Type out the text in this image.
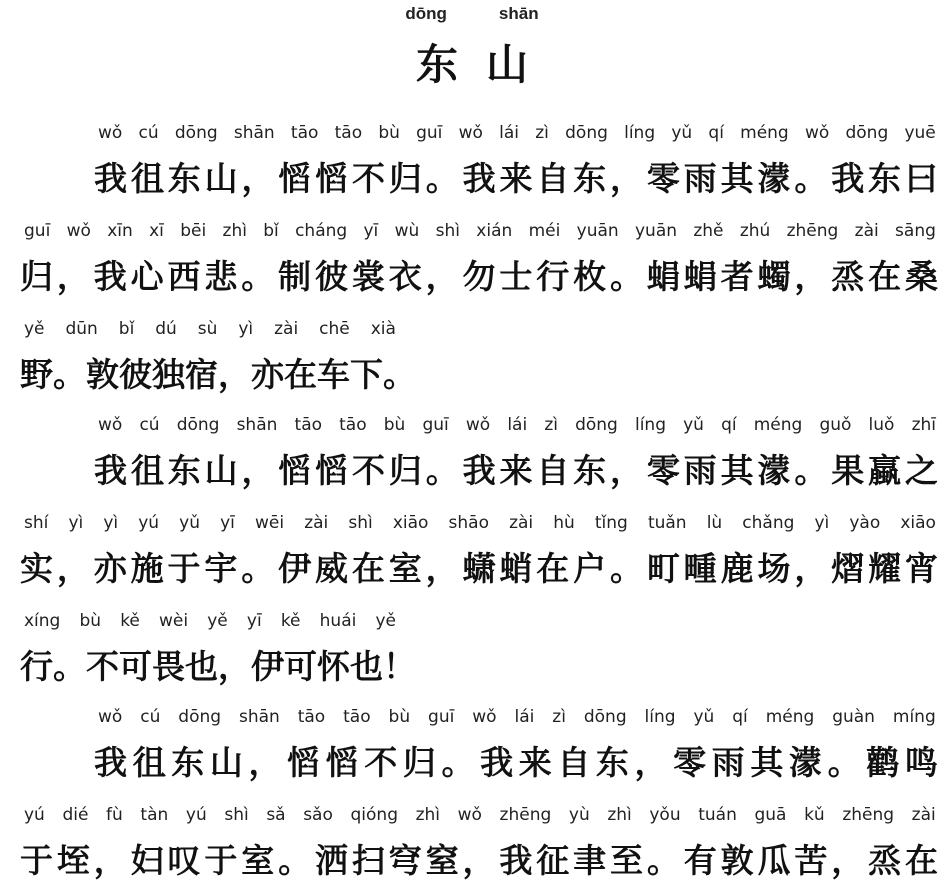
dōng	shān
东 山
wǒ cú dōng shān tāo tāo bù guī wǒ lái zì dōng líng yǔ qí méng wǒ dōng yuē
我 徂 东 山 ， 慆 慆 不 归 。 我 来 自 东 ， 零 雨 其 濛 。 我 东 曰
guī wǒ xīn xī bēi zhì bǐ cháng yī wù shì xián méi yuān yuān zhě zhú zhēng zài sāng
归 ， 我 心 西 悲 。 制 彼 裳 衣 ， 勿 士 行 枚 。 蜎 蜎 者 蠋 ， 烝 在 桑
yě dūn bǐ dú sù yì zài chē xià
野 。 敦 彼 独 宿 ， 亦 在 车 下 。
wǒ cú dōng shān tāo tāo bù guī wǒ lái zì dōng líng yǔ qí méng guǒ luǒ zhī
我 徂 东 山 ， 慆 慆 不 归 。 我 来 自 东 ， 零 雨 其 濛 。 果 蠃 之
shí yì yì yú yǔ yī wēi zài shì xiāo shāo zài hù tǐng tuǎn lù chǎng yì yào xiāo
实 ， 亦 施 于 宇 。 伊 威 在 室 ， 蟏 蛸 在 户 。 町 畽 鹿 场 ， 熠 耀 宵
xíng bù kě wèi yě yī kě huái yě
行 。 不 可 畏 也 ， 伊 可 怀 也 ！
wǒ cú dōng shān tāo tāo bù guī wǒ lái zì dōng líng yǔ qí méng guàn míng
我 徂 东 山 ， 慆 慆 不 归 。 我 来 自 东 ， 零 雨 其 濛 。 鹳 鸣
yú dié fù tàn yú shì sǎ sǎo qióng zhì wǒ zhēng yù zhì yǒu tuán guā kǔ zhēng zài
于 垤 ， 妇 叹 于 室 。 洒 扫 穹 窒 ， 我 征 聿 至 。 有 敦 瓜 苦 ， 烝 在
